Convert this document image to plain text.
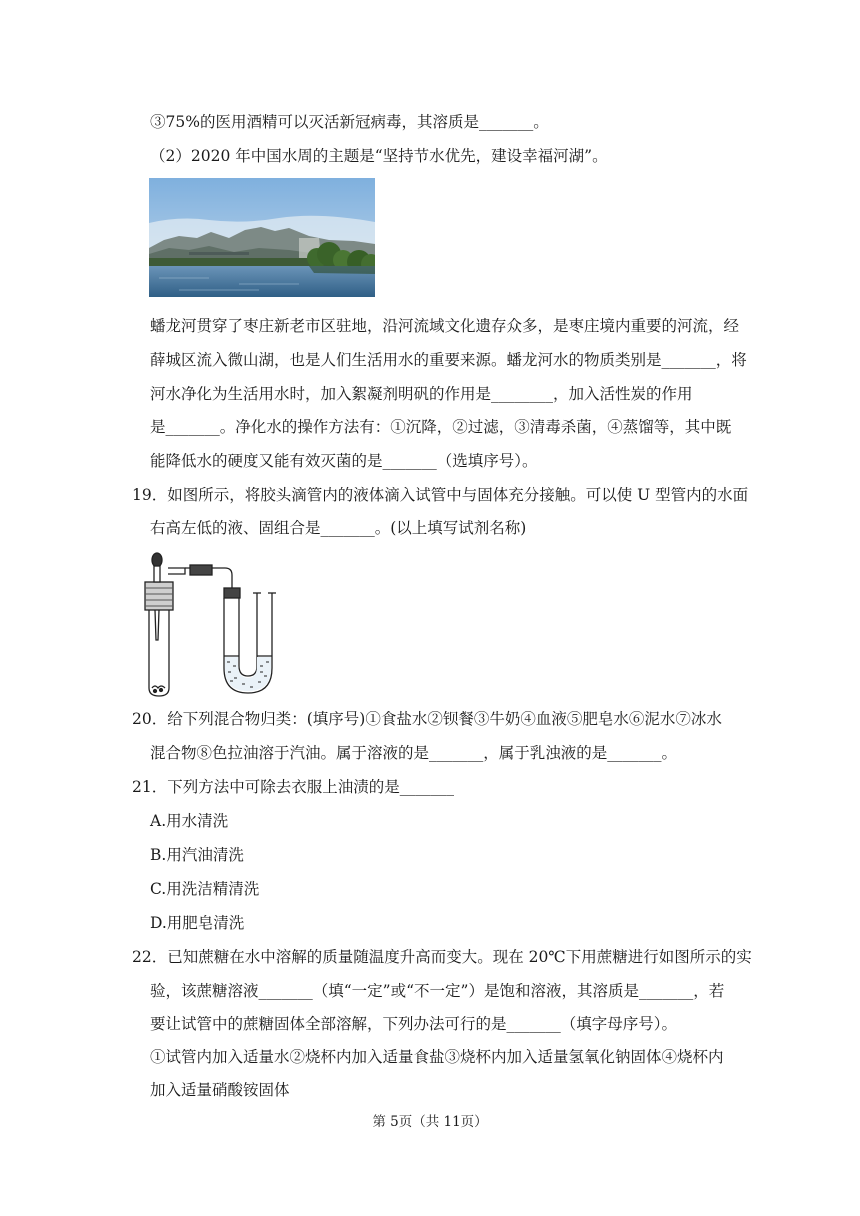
③75%的医用酒精可以灭活新冠病毒，其溶质是_______。
（2）2020 年中国水周的主题是“坚持节水优先，建设幸福河湖”。
蟠龙河贯穿了枣庄新老市区驻地，沿河流域文化遗存众多，是枣庄境内重要的河流，经
薛城区流入微山湖，也是人们生活用水的重要来源。蟠龙河水的物质类别是_______，将
河水净化为生活用水时，加入絮凝剂明矾的作用是________，加入活性炭的作用
是_______。净化水的操作方法有：①沉降，②过滤，③清毒杀菌，④蒸馏等，其中既
能降低水的硬度又能有效灭菌的是_______（选填序号）。
19．如图所示，将胶头滴管内的液体滴入试管中与固体充分接触。可以使 U 型管内的水面
右高左低的液、固组合是_______。(以上填写试剂名称)
20．给下列混合物归类：(填序号)①食盐水②钡餐③牛奶④血液⑤肥皂水⑥泥水⑦冰水
混合物⑧色拉油溶于汽油。属于溶液的是_______，属于乳浊液的是_______。
21．下列方法中可除去衣服上油渍的是_______
A.用水清洗
B.用汽油清洗
C.用洗洁精清洗
D.用肥皂清洗
22．已知蔗糖在水中溶解的质量随温度升高而变大。现在 20℃下用蔗糖进行如图所示的实
验，该蔗糖溶液_______（填“一定”或“不一定”）是饱和溶液，其溶质是_______，若
要让试管中的蔗糖固体全部溶解，下列办法可行的是_______（填字母序号）。
①试管内加入适量水②烧杯内加入适量食盐③烧杯内加入适量氢氧化钠固体④烧杯内
加入适量硝酸铵固体
第 5页（共 11页）
